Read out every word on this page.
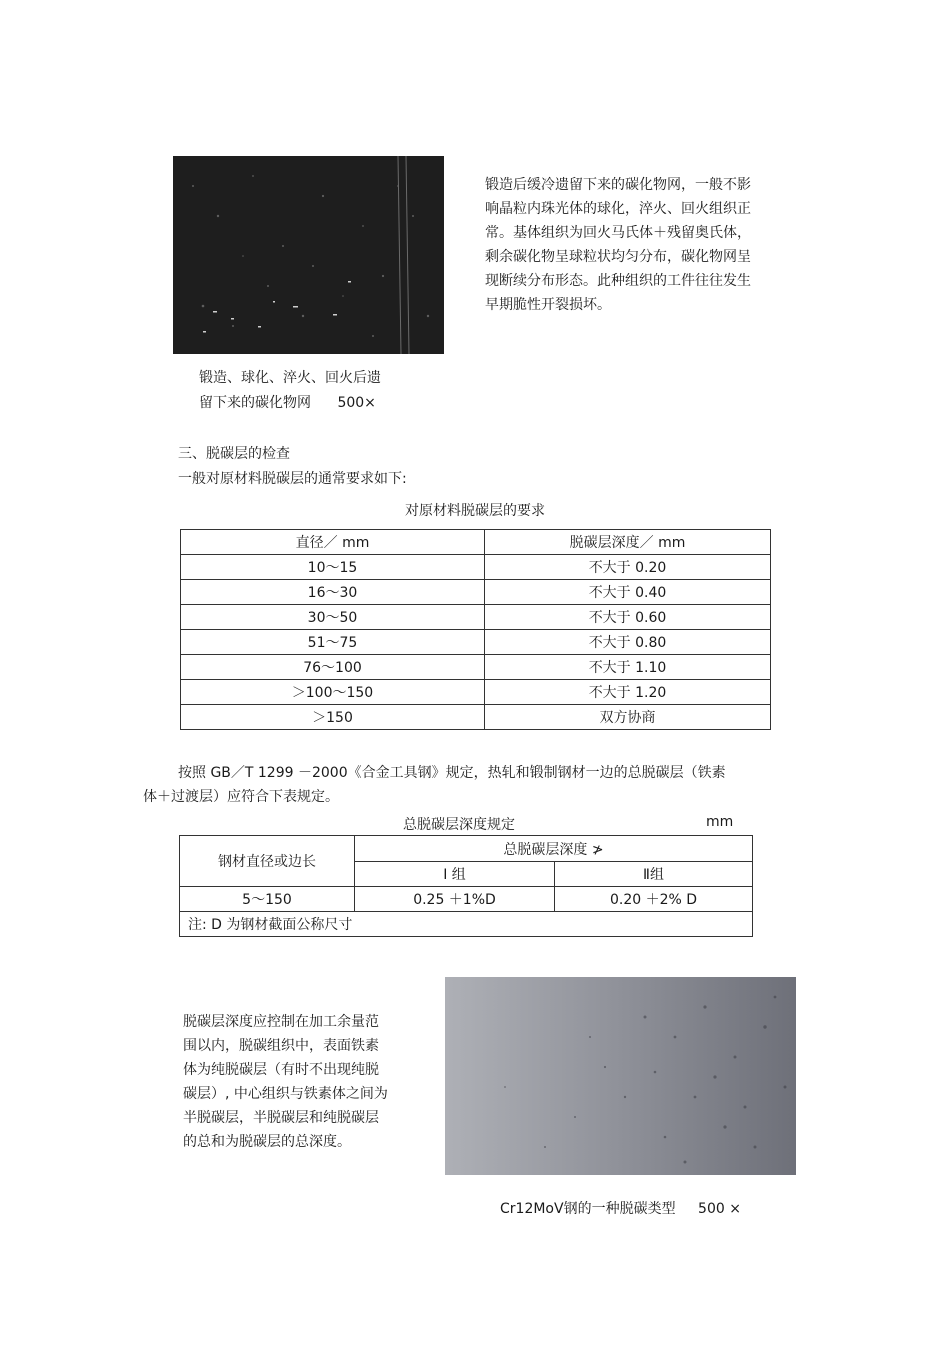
锻造后缓冷遗留下来的碳化物网，一般不影响晶粒内珠光体的球化，淬火、回火组织正常。基体组织为回火马氏体＋残留奥氏体，剩余碳化物呈球粒状均匀分布，碳化物网呈现断续分布形态。此种组织的工件往往发生早期脆性开裂损坏。
锻造、球化、淬火、回火后遗
留下来的碳化物网 500×
三、脱碳层的检查
一般对原材料脱碳层的通常要求如下:
对原材料脱碳层的要求
直径／ mm	脱碳层深度／ mm
10～15	不大于 0.20
16～30	不大于 0.40
30～50	不大于 0.60
51～75	不大于 0.80
76～100	不大于 1.10
＞100～150	不大于 1.20
＞150	双方协商
按照 GB／T 1299 －2000《合金工具钢》规定，热轧和锻制钢材一边的总脱碳层（铁素
体＋过渡层）应符合下表规定。
总脱碳层深度规定	mm
钢材直径或边长	总脱碳层深度 ≯	
	Ⅰ 组	Ⅱ组
5～150	0.25 ＋1%D	0.20 ＋2% D
注: D 为钢材截面公称尺寸		
脱碳层深度应控制在加工余量范
围以内，脱碳组织中，表面铁素
体为纯脱碳层（有时不出现纯脱
碳层）, 中心组织与铁素体之间为
半脱碳层，半脱碳层和纯脱碳层
的总和为脱碳层的总深度。
Cr12MoV钢的一种脱碳类型 500 ×
